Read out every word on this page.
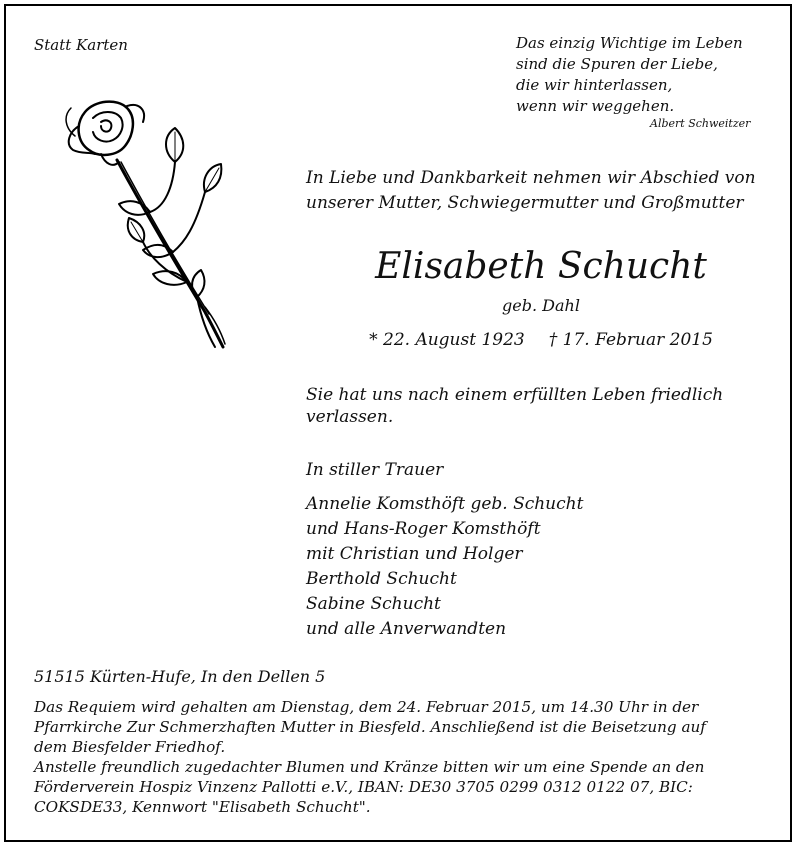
Statt Karten	Das einzig Wichtige im Leben
sind die Spuren der Liebe,
die wir hinterlassen,
wenn wir weggehen.

Albert Schweitzer

In Liebe und Dankbarkeit nehmen wir Abschied von
unserer Mutter, Schwiegermutter und Großmutter
Elisabeth Schucht
geb. Dahl
* 22. August 1923 † 17. Februar 2015

Sie hat uns nach einem erfüllten Leben friedlich verlassen.

In stiller Trauer

Annelie Komsthöft geb. Schucht
und Hans-Roger Komsthöft
mit Christian und Holger
Berthold Schucht
Sabine Schucht
und alle Anverwandten

51515 Kürten-Hufe, In den Dellen 5

Das Requiem wird gehalten am Dienstag, dem 24. Februar 2015, um 14.30 Uhr in der
Pfarrkirche Zur Schmerzhaften Mutter in Biesfeld. Anschließend ist die Beisetzung auf
dem Biesfelder Friedhof.
Anstelle freundlich zugedachter Blumen und Kränze bitten wir um eine Spende an den
Förderverein Hospiz Vinzenz Pallotti e.V., IBAN: DE30 3705 0299 0312 0122 07, BIC:
COKSDE33, Kennwort "Elisabeth Schucht".
